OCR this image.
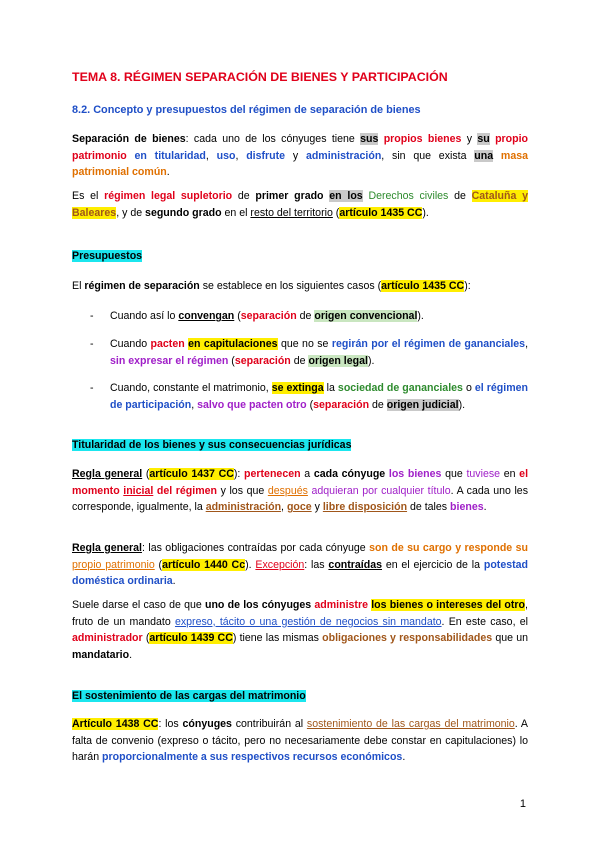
TEMA 8. RÉGIMEN SEPARACIÓN DE BIENES Y PARTICIPACIÓN
8.2. Concepto y presupuestos del régimen de separación de bienes
Separación de bienes: cada uno de los cónyuges tiene sus propios bienes y su propio patrimonio en titularidad, uso, disfrute y administración, sin que exista una masa patrimonial común.
Es el régimen legal supletorio de primer grado en los Derechos civiles de Cataluña y Baleares, y de segundo grado en el resto del territorio (artículo 1435 CC).
Presupuestos
El régimen de separación se establece en los siguientes casos (artículo 1435 CC):
- Cuando así lo convengan (separación de origen convencional).
- Cuando pacten en capitulaciones que no se regirán por el régimen de gananciales, sin expresar el régimen (separación de origen legal).
- Cuando, constante el matrimonio, se extinga la sociedad de gananciales o el régimen de participación, salvo que pacten otro (separación de origen judicial).
Titularidad de los bienes y sus consecuencias jurídicas
Regla general (artículo 1437 CC): pertenecen a cada cónyuge los bienes que tuviese en el momento inicial del régimen y los que después adquieran por cualquier título. A cada uno les corresponde, igualmente, la administración, goce y libre disposición de tales bienes.
Regla general: las obligaciones contraídas por cada cónyuge son de su cargo y responde su propio patrimonio (artículo 1440 Cc). Excepción: las contraídas en el ejercicio de la potestad doméstica ordinaria.
Suele darse el caso de que uno de los cónyuges administre los bienes o intereses del otro, fruto de un mandato expreso, tácito o una gestión de negocios sin mandato. En este caso, el administrador (artículo 1439 CC) tiene las mismas obligaciones y responsabilidades que un mandatario.
El sostenimiento de las cargas del matrimonio
Artículo 1438 CC: los cónyuges contribuirán al sostenimiento de las cargas del matrimonio. A falta de convenio (expreso o tácito, pero no necesariamente debe constar en capitulaciones) lo harán proporcionalmente a sus respectivos recursos económicos.
1
